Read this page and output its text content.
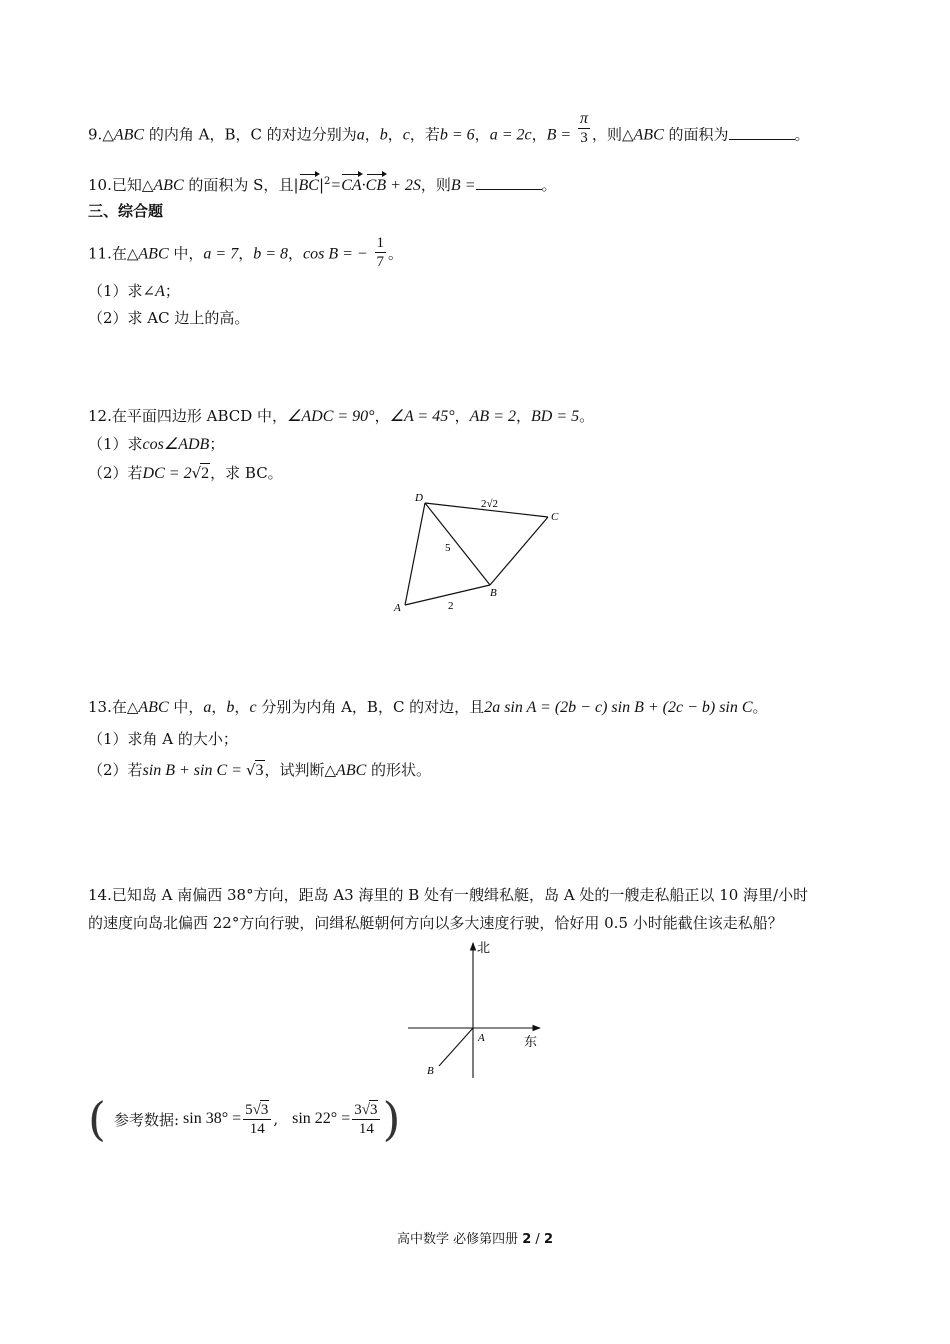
9.△ABC 的内角 A，B，C 的对边分别为a，b，c，若b = 6，a = 2c，$B = \frac{\pi}{3}$ ，则△ABC 的面积为	。
10.已知△ABC 的面积为 S，且$|BC|^2=CA\cdot CB + 2S$，则B =	。
三、综合题
11.在△ABC 中，a = 7，b = 8，cos B = − $\frac{1}{7}$ 。
（1）求∠A；
（2）求 AC 边上的高。
12.在平面四边形 ABCD 中，∠ADC = 90°，∠A = 45°，AB = 2，BD = 5。
（1）求cos∠ADB；
（2）若DC = 2√2，求 BC。
D
C
A
B
2√2
5
2
13.在△ABC 中，a，b，c 分别为内角 A，B，C 的对边，且2a sin A = (2b − c) sin B + (2c − b) sin C。
（1）求角 A 的大小；
（2）若sin B + sin C = √3，试判断△ABC 的形状。
14.已知岛 A 南偏西 38°方向，距岛 A3 海里的 B 处有一艘缉私艇，岛 A 处的一艘走私船正以 10 海里/小时
的速度向岛北偏西 22°方向行驶，问缉私艇朝何方向以多大速度行驶，恰好用 0.5 小时能截住该走私船？
北
东
A
B
( 参考数据: $\sin 38^\circ = \frac{5√3}{14}$ , $\sin 22^\circ = \frac{3√3}{14}$ )
高中数学 必修第四册 2 / 2
